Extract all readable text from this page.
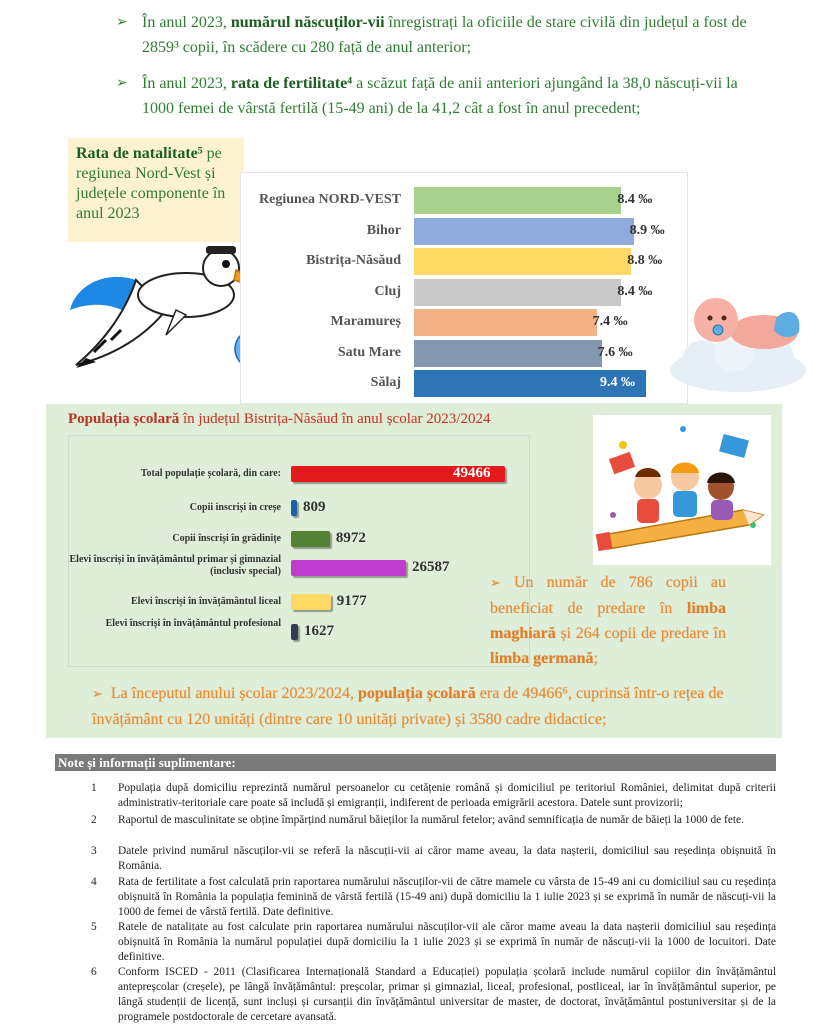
➢ În anul 2023, numărul născuților-vii înregistrați la oficiile de stare civilă din județul a fost de 2859³ copii, în scădere cu 280 față de anul anterior;
➢ În anul 2023, rata de fertilitate⁴ a scăzut față de anii anteriori ajungând la 38,0 născuți-vii la 1000 femei de vârstă fertilă (15-49 ani) de la 41,2 cât a fost în anul precedent;
Rata de natalitate⁵ pe regiunea Nord-Vest și județele componente în anul 2023
Regiunea NORD-VEST	8.4 ‰
Bihor	8.9 ‰
Bistrița-Năsăud	8.8 ‰
Cluj	8.4 ‰
Maramureș	7.4 ‰
Satu Mare	7.6 ‰
Sălaj	9.4 ‰
Populația școlară în județul Bistrița-Năsăud în anul școlar 2023/2024
Total populație școlară, din care:	49466
Copii inscriși in creșe 809
Copii înscriși în grădinițe	8972
Elevi înscriși în învățământul primar și gimnazial (inclusiv special)	26587
Elevi înscriși în învățământul liceal	9177
Elevi înscriși în învățământul profesional 1627
➢ Un număr de 786 copii au beneficiat de predare în limba maghiară și 264 copii de predare în limba germană;
➢ La începutul anului școlar 2023/2024, populația școlară era de 49466⁶, cuprinsă într-o rețea de învățământ cu 120 unități (dintre care 10 unități private) și 3580 cadre didactice;
Note și informații suplimentare:
1 Populația după domiciliu reprezintă numărul persoanelor cu cetățenie română și domiciliul pe teritoriul României, delimitat după criterii administrativ-teritoriale care poate să includă și emigranții, indiferent de perioada emigrării acestora. Datele sunt provizorii;
2 Raportul de masculinitate se obține împărțind numărul băieților la numărul fetelor; având semnificația de număr de băieți la 1000 de fete.
3 Datele privind numărul născuților-vii se referă la născuții-vii ai căror mame aveau, la data nașterii, domiciliul sau reședința obișnuită în România.
4 Rata de fertilitate a fost calculată prin raportarea numărului născuților-vii de către mamele cu vârsta de 15-49 ani cu domiciliul sau cu reședința obișnuită în România la populația feminină de vârstă fertilă (15-49 ani) după domiciliu la 1 iulie 2023 și se exprimă în număr de născuți-vii la 1000 de femei de vârstă fertilă. Date definitive.
5 Ratele de natalitate au fost calculate prin raportarea numărului născuților-vii ale căror mame aveau la data nașterii domiciliul sau reședința obișnuită în România la numărul populației după domiciliu la 1 iulie 2023 și se exprimă în număr de născuți-vii la 1000 de locuitori. Date definitive.
6 Conform ISCED - 2011 (Clasificarea Internațională Standard a Educației) populația școlară include numărul copiilor din învățământul antepreșcolar (creșele), pe lângă învățământul: preșcolar, primar și gimnazial, liceal, profesional, postliceal, iar în învățământul superior, pe lângă studenții de licență, sunt incluși și cursanții din învățământul universitar de master, de doctorat, învățământul postuniversitar și de la programele postdoctorale de cercetare avansată.
